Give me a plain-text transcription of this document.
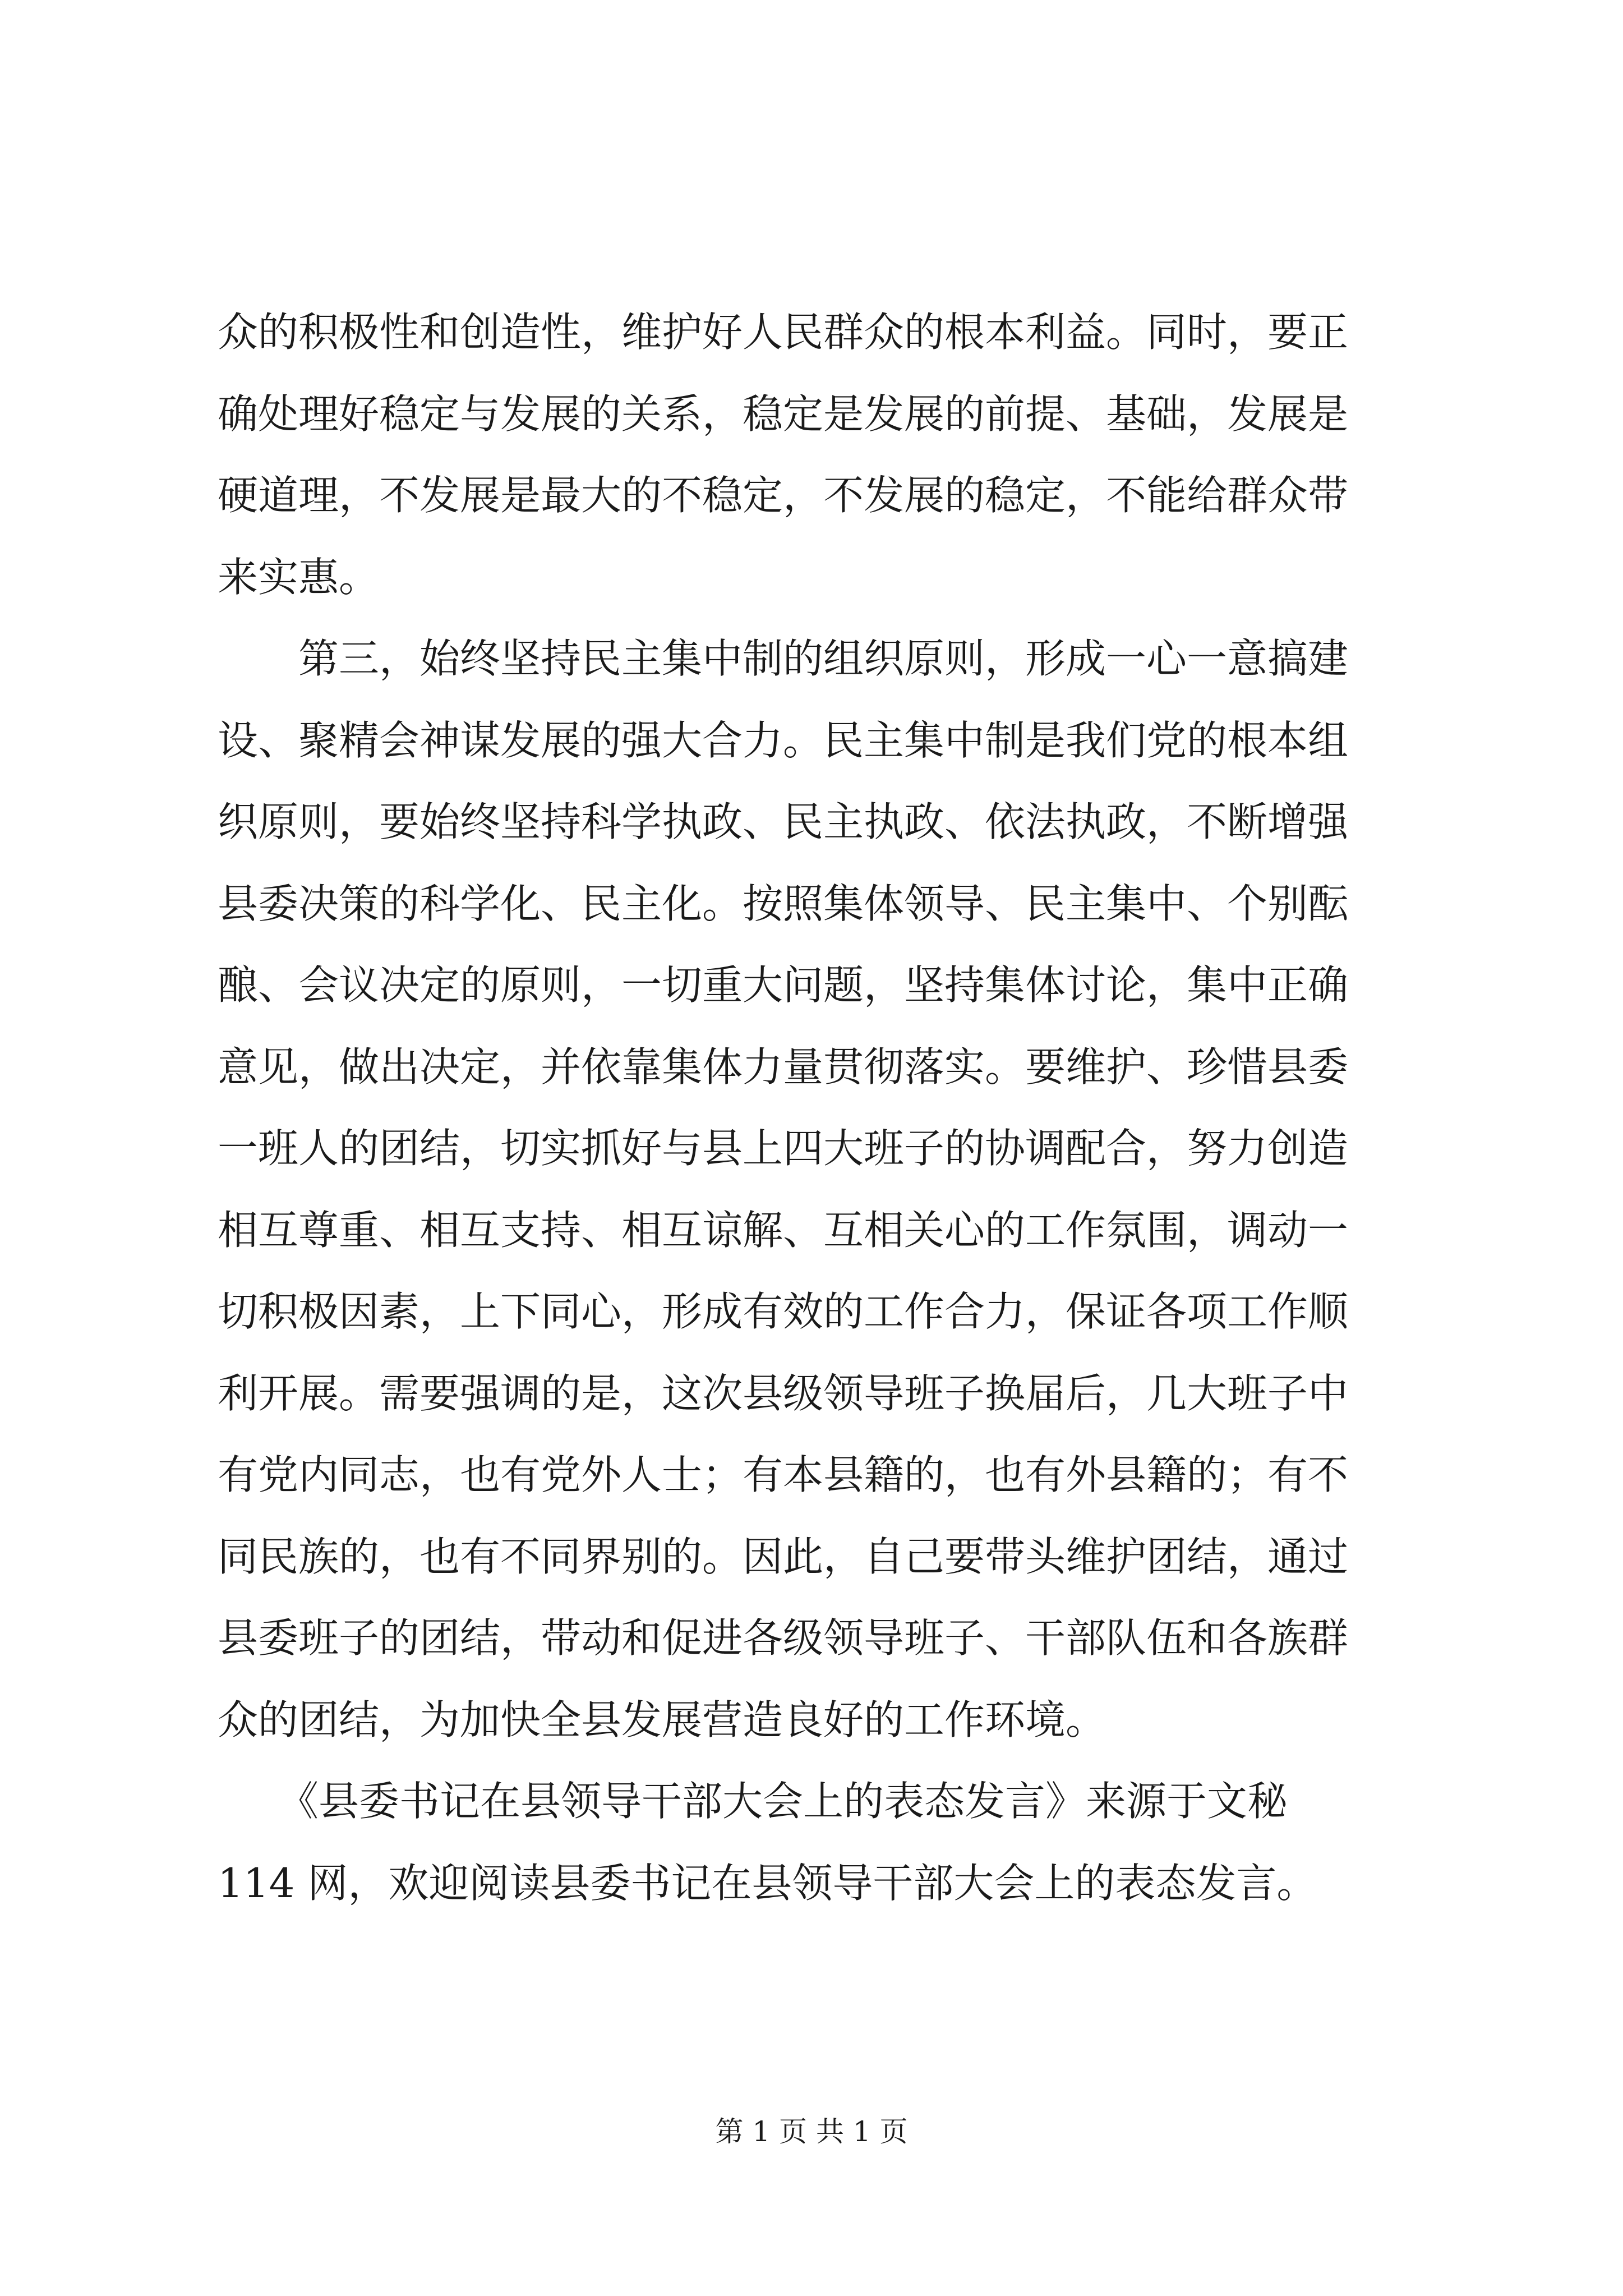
众的积极性和创造性，维护好人民群众的根本利益。同时，要正
确处理好稳定与发展的关系，稳定是发展的前提、基础，发展是
硬道理，不发展是最大的不稳定，不发展的稳定，不能给群众带
来实惠。
　　第三，始终坚持民主集中制的组织原则，形成一心一意搞建
设、聚精会神谋发展的强大合力。民主集中制是我们党的根本组
织原则，要始终坚持科学执政、民主执政、依法执政，不断增强
县委决策的科学化、民主化。按照集体领导、民主集中、个别酝
酿、会议决定的原则，一切重大问题，坚持集体讨论，集中正确
意见，做出决定，并依靠集体力量贯彻落实。要维护、珍惜县委
一班人的团结，切实抓好与县上四大班子的协调配合，努力创造
相互尊重、相互支持、相互谅解、互相关心的工作氛围，调动一
切积极因素，上下同心，形成有效的工作合力，保证各项工作顺
利开展。需要强调的是，这次县级领导班子换届后，几大班子中
有党内同志，也有党外人士；有本县籍的，也有外县籍的；有不
同民族的，也有不同界别的。因此，自己要带头维护团结，通过
县委班子的团结，带动和促进各级领导班子、干部队伍和各族群
众的团结，为加快全县发展营造良好的工作环境。
　　《县委书记在县领导干部大会上的表态发言》来源于文秘
114 网，欢迎阅读县委书记在县领导干部大会上的表态发言。
第 1 页 共 1 页
